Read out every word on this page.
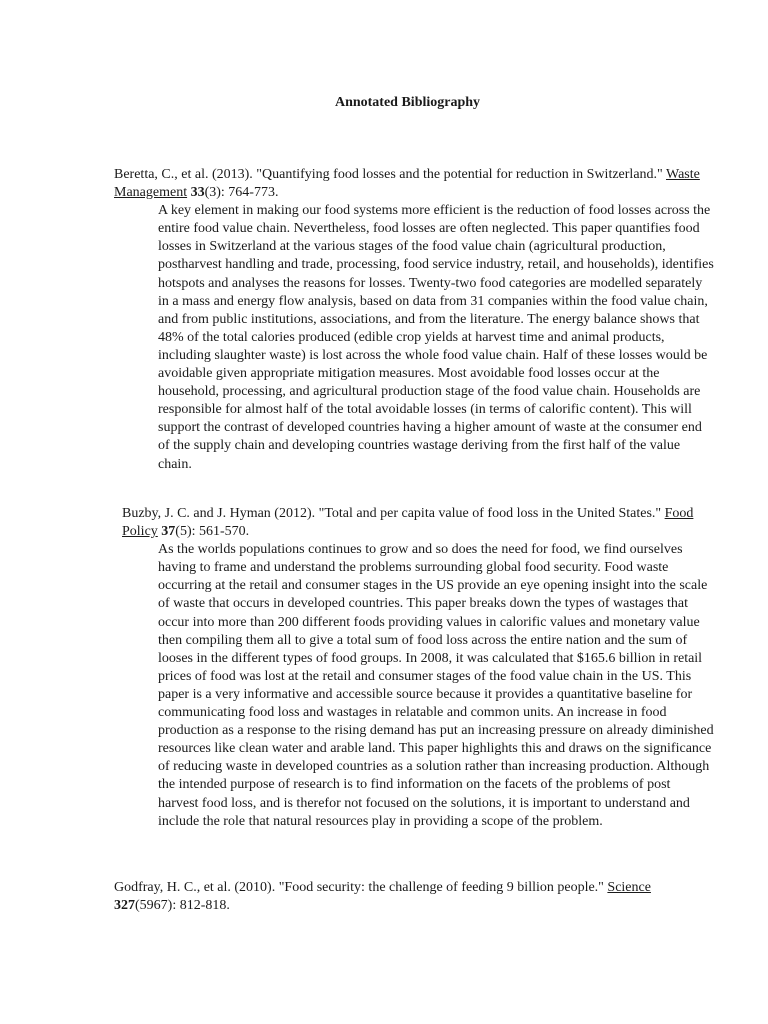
Annotated Bibliography

Beretta, C., et al. (2013). "Quantifying food losses and the potential for reduction in Switzerland." Waste Management 33(3): 764-773.

A key element in making our food systems more efficient is the reduction of food losses across the entire food value chain. Nevertheless, food losses are often neglected. This paper quantifies food losses in Switzerland at the various stages of the food value chain (agricultural production, postharvest handling and trade, processing, food service industry, retail, and households), identifies hotspots and analyses the reasons for losses. Twenty-two food categories are modelled separately in a mass and energy flow analysis, based on data from 31 companies within the food value chain, and from public institutions, associations, and from the literature. The energy balance shows that 48% of the total calories produced (edible crop yields at harvest time and animal products, including slaughter waste) is lost across the whole food value chain. Half of these losses would be avoidable given appropriate mitigation measures. Most avoidable food losses occur at the household, processing, and agricultural production stage of the food value chain. Households are responsible for almost half of the total avoidable losses (in terms of calorific content). This will support the contrast of developed countries having a higher amount of waste at the consumer end of the supply chain and developing countries wastage deriving from the first half of the value chain.

Buzby, J. C. and J. Hyman (2012). "Total and per capita value of food loss in the United States." Food Policy 37(5): 561-570.

As the worlds populations continues to grow and so does the need for food, we find ourselves having to frame and understand the problems surrounding global food security. Food waste occurring at the retail and consumer stages in the US provide an eye opening insight into the scale of waste that occurs in developed countries. This paper breaks down the types of wastages that occur into more than 200 different foods providing values in calorific values and monetary value then compiling them all to give a total sum of food loss across the entire nation and the sum of looses in the different types of food groups. In 2008, it was calculated that $165.6 billion in retail prices of food was lost at the retail and consumer stages of the food value chain in the US. This paper is a very informative and accessible source because it provides a quantitative baseline for communicating food loss and wastages in relatable and common units. An increase in food production as a response to the rising demand has put an increasing pressure on already diminished resources like clean water and arable land. This paper highlights this and draws on the significance of reducing waste in developed countries as a solution rather than increasing production. Although the intended purpose of research is to find information on the facets of the problems of post harvest food loss, and is therefor not focused on the solutions, it is important to understand and include the role that natural resources play in providing a scope of the problem.

Godfray, H. C., et al. (2010). "Food security: the challenge of feeding 9 billion people." Science 327(5967): 812-818.
